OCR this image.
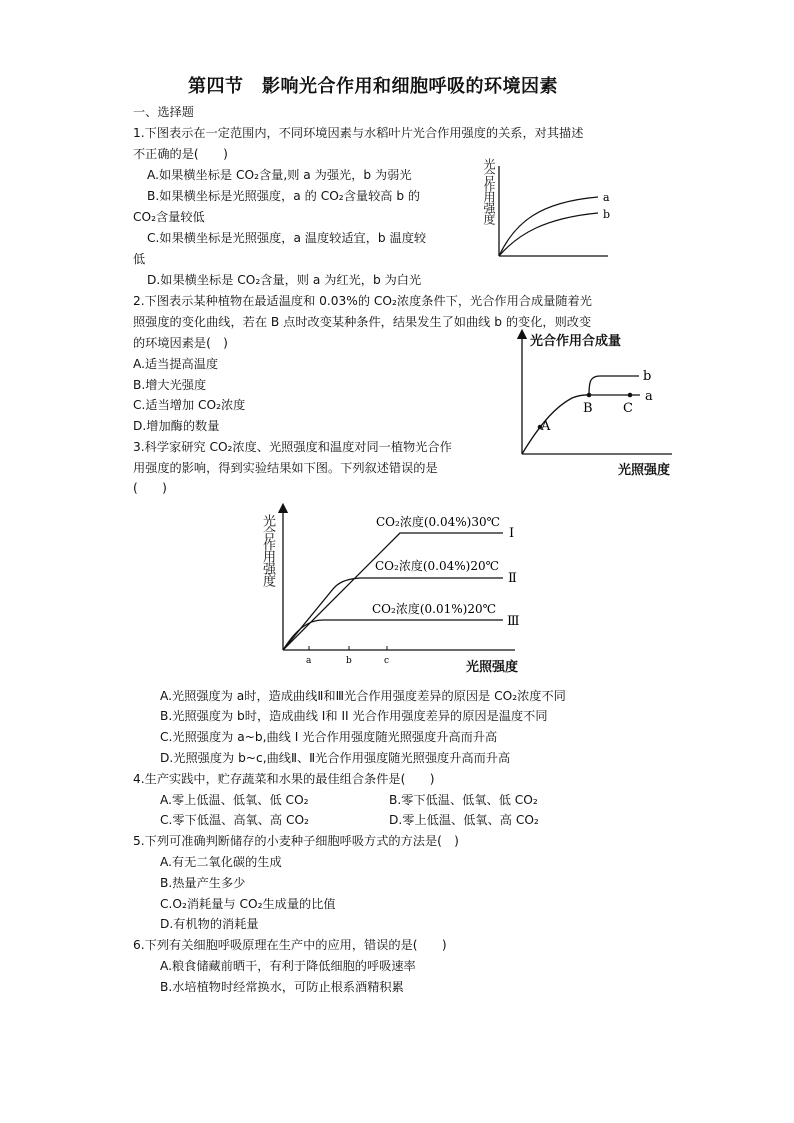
第四节　影响光合作用和细胞呼吸的环境因素
一、选择题
1.下图表示在一定范围内，不同环境因素与水稻叶片光合作用强度的关系，对其描述
不正确的是(　　)
A.如果横坐标是 CO₂含量,则 a 为强光，b 为弱光
B.如果横坐标是光照强度，a 的 CO₂含量较高 b 的
CO₂含量较低
C.如果横坐标是光照强度，a 温度较适宜，b 温度较
低
D.如果横坐标是 CO₂含量，则 a 为红光，b 为白光
光合作用强度	a
b
2.下图表示某种植物在最适温度和 0.03%的 CO₂浓度条件下，光合作用合成量随着光
照强度的变化曲线，若在 B 点时改变某种条件，结果发生了如曲线 b 的变化，则改变
的环境因素是(　)
A.适当提高温度
B.增大光强度
C.适当增加 CO₂浓度
D.增加酶的数量	A
B C
b
a
光合作用合成量
光照强度
3.科学家研究 CO₂浓度、光照强度和温度对同一植物光合作
用强度的影响，得到实验结果如下图。下列叙述错误的是
(　　)
光合作用强度
a	b	c
CO₂浓度(0.04%)30℃
CO₂浓度(0.04%)20℃
CO₂浓度(0.01%)20℃
Ⅰ
Ⅱ
Ⅲ
光照强度
A.光照强度为 a时，造成曲线Ⅱ和Ⅲ光合作用强度差异的原因是 CO₂浓度不同
B.光照强度为 b时，造成曲线 I和 II 光合作用强度差异的原因是温度不同
C.光照强度为 a~b,曲线 I 光合作用强度随光照强度升高而升高
D.光照强度为 b~c,曲线Ⅱ、Ⅱ光合作用强度随光照强度升高而升高
4.生产实践中，贮存蔬菜和水果的最佳组合条件是(　　)
A.零上低温、低氧、低 CO₂	B.零下低温、低氧、低 CO₂
C.零下低温、高氧、高 CO₂	D.零上低温、低氧、高 CO₂
5.下列可准确判断储存的小麦种子细胞呼吸方式的方法是(　)
A.有无二氧化碳的生成
B.热量产生多少
C.O₂消耗量与 CO₂生成量的比值
D.有机物的消耗量
6.下列有关细胞呼吸原理在生产中的应用，错误的是(　　)
A.粮食储藏前晒干，有利于降低细胞的呼吸速率
B.水培植物时经常换水，可防止根系酒精积累
